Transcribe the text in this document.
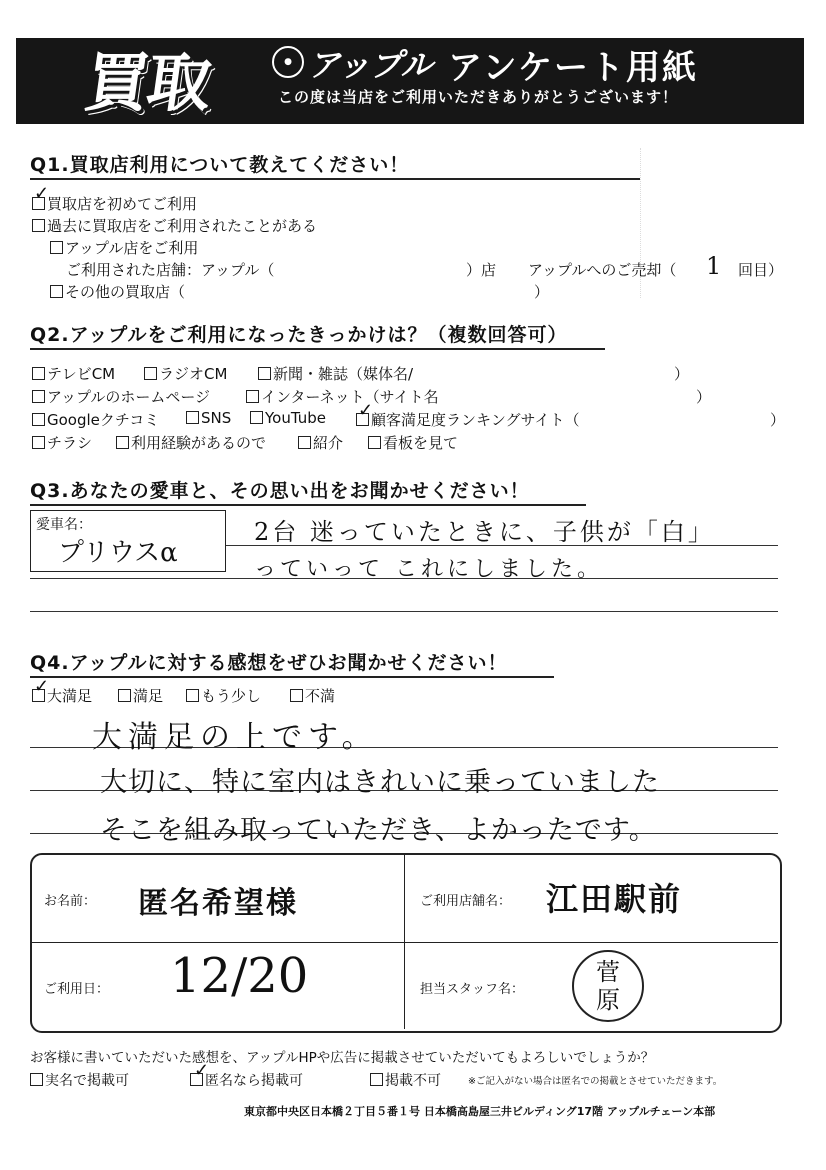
買取	● アップル アンケート用紙
この度は当店をご利用いただきありがとうございます！
Q1.買取店利用について教えてください！
買取店を初めてご利用
✓
過去に買取店をご利用されたことがある
アップル店をご利用
ご利用された店舗：アップル（	）店 アップルへのご売却（ 1 回目）
その他の買取店（	）
Q2.アップルをご利用になったきっかけは？（複数回答可）
テレビCM	ラジオCM	新聞・雑誌（媒体名/	）
アップルのホームページ	インターネット（サイト名	）
Googleクチコミ	SNS	YouTube	顧客満足度ランキングサイト（
✓	）
チラシ	利用経験があるので	紹介	看板を見て
Q3.あなたの愛車と、その思い出をお聞かせください！
愛車名：
プリウスα
2台 迷っていたときに、子供が「白」
っていって これにしました。
Q4.アップルに対する感想をぜひお聞かせください！
大満足
✓	満足	もう少し	不満
大満足の上です。
大切に、特に室内はきれいに乗っていました
そこを組み取っていただき、よかったです。
お名前： 匿名希望様	ご利用店舗名： 江田駅前
ご利用日： 12/20	担当スタッフ名：
菅
原
お客様に書いていただいた感想を、アップルHPや広告に掲載させていただいてもよろしいでしょうか？
実名で掲載可	匿名なら掲載可
✓	掲載不可	※ご記入がない場合は匿名での掲載とさせていただきます。
東京都中央区日本橋２丁目５番１号 日本橋高島屋三井ビルディング17階 アップルチェーン本部
